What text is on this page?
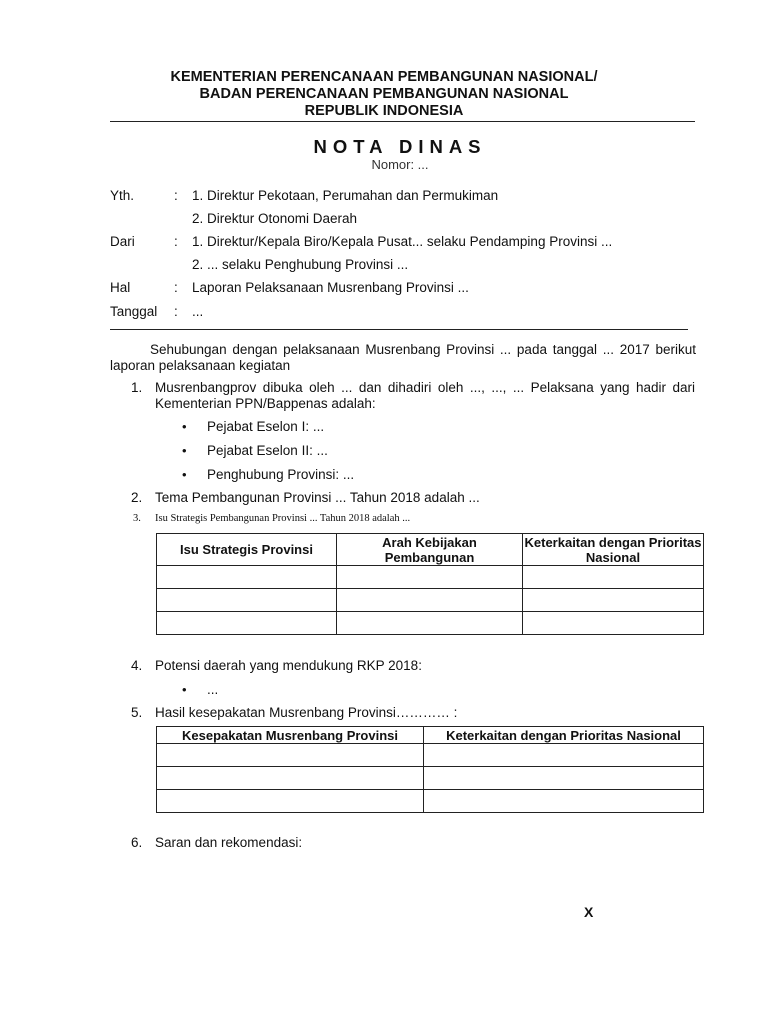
KEMENTERIAN PERENCANAAN PEMBANGUNAN NASIONAL/
BADAN PERENCANAAN PEMBANGUNAN NASIONAL
REPUBLIK INDONESIA
NOTA DINAS
Nomor: ...
Yth.	: 1. Direktur Pekotaan, Perumahan dan Permukiman
2. Direktur Otonomi Daerah
Dari	: 1. Direktur/Kepala Biro/Kepala Pusat... selaku Pendamping Provinsi ...
2. ... selaku Penghubung Provinsi ...
Hal	: Laporan Pelaksanaan Musrenbang Provinsi ...
Tanggal : ...
Sehubungan dengan pelaksanaan Musrenbang Provinsi ... pada tanggal ... 2017 berikut laporan pelaksanaan kegiatan
1. Musrenbangprov dibuka oleh ... dan dihadiri oleh ..., ..., ... Pelaksana yang hadir dari Kementerian PPN/Bappenas adalah:
• Pejabat Eselon I: ...
• Pejabat Eselon II: ...
• Penghubung Provinsi: ...
2. Tema Pembangunan Provinsi ... Tahun 2018 adalah ...
3. Isu Strategis Pembangunan Provinsi ... Tahun 2018 adalah ...
Isu Strategis Provinsi	Arah Kebijakan Pembangunan	Keterkaitan dengan Prioritas Nasional

4. Potensi daerah yang mendukung RKP 2018:
• ...
5. Hasil kesepakatan Musrenbang Provinsi………… :
Kesepakatan Musrenbang Provinsi	Keterkaitan dengan Prioritas Nasional

6. Saran dan rekomendasi:
X
